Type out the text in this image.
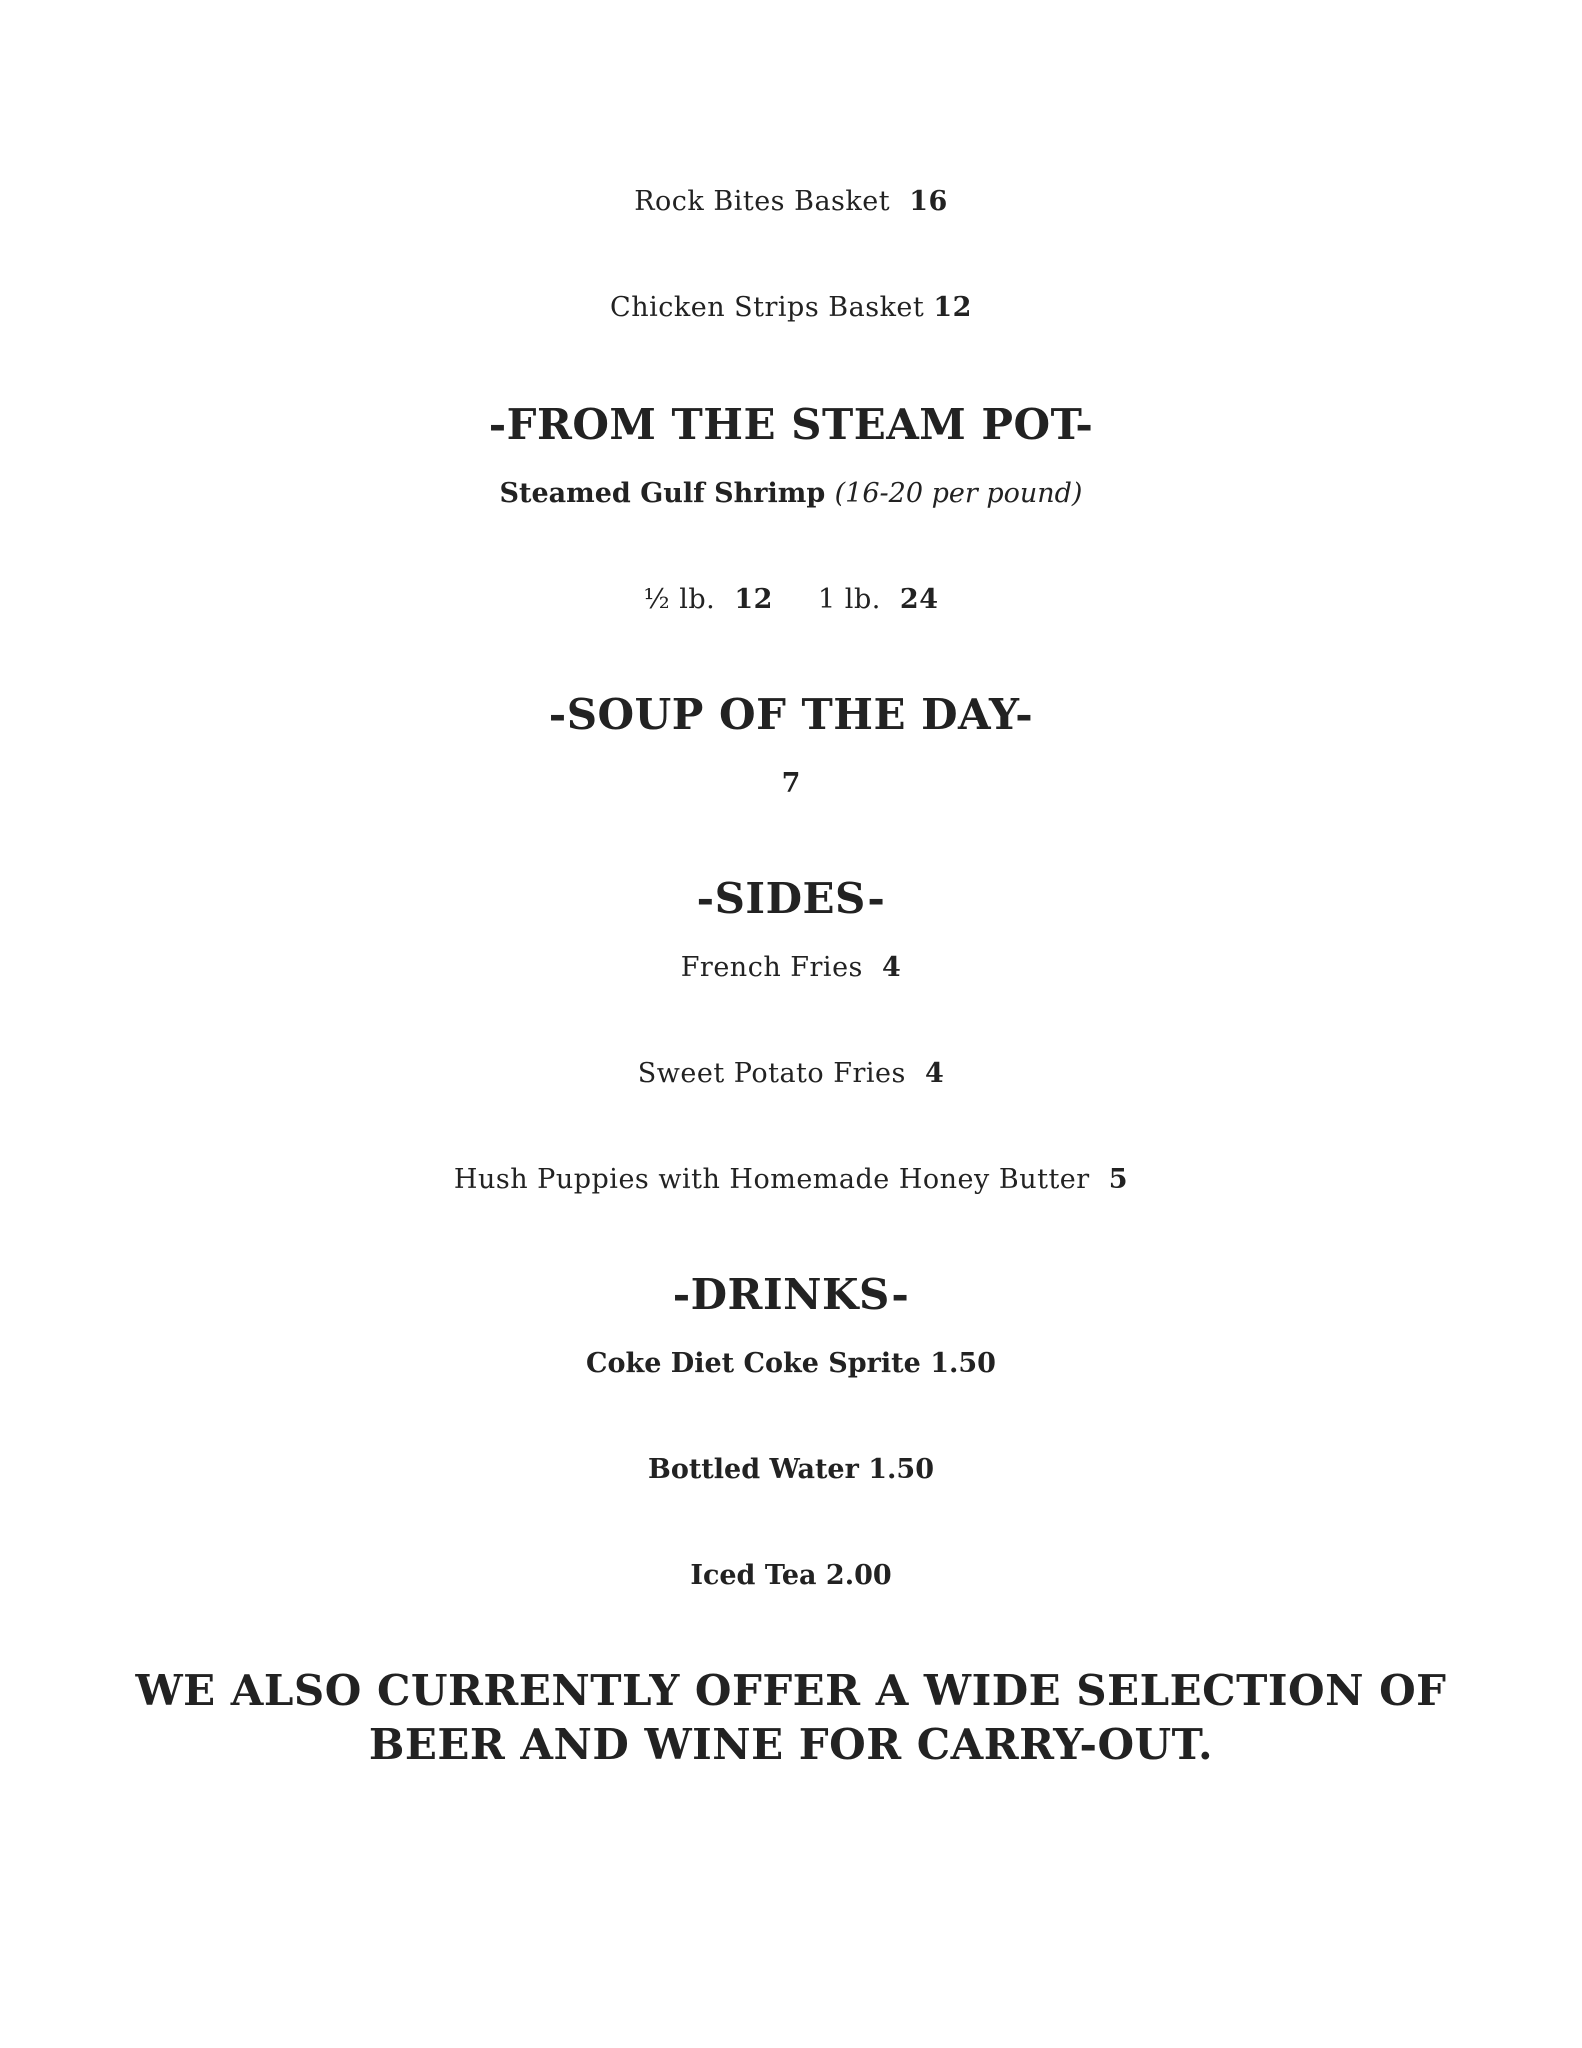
Rock Bites Basket 16
Chicken Strips Basket 12
-FROM THE STEAM POT-
Steamed Gulf Shrimp (16-20 per pound)
½ lb. 12 1 lb. 24
-SOUP OF THE DAY-
7
-SIDES-
French Fries 4
Sweet Potato Fries 4
Hush Puppies with Homemade Honey Butter 5
-DRINKS-
Coke Diet Coke Sprite 1.50
Bottled Water 1.50
Iced Tea 2.00
WE ALSO CURRENTLY OFFER A WIDE SELECTION OF
BEER AND WINE FOR CARRY-OUT.
